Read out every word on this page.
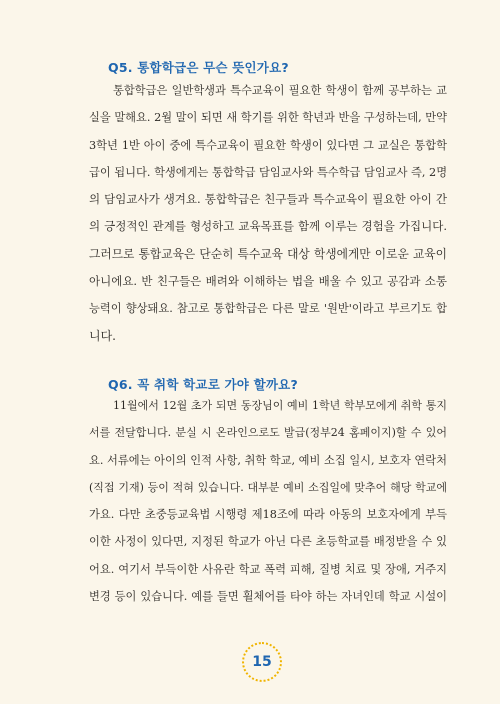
Q5. 통합학급은 무슨 뜻인가요?
통합학급은 일반학생과 특수교육이 필요한 학생이 함께 공부하는 교
실을 말해요. 2월 말이 되면 새 학기를 위한 학년과 반을 구성하는데, 만약
3학년 1반 아이 중에 특수교육이 필요한 학생이 있다면 그 교실은 통합학
급이 됩니다. 학생에게는 통합학급 담임교사와 특수학급 담임교사 즉, 2명
의 담임교사가 생겨요. 통합학급은 친구들과 특수교육이 필요한 아이 간
의 긍정적인 관계를 형성하고 교육목표를 함께 이루는 경험을 가집니다.
그러므로 통합교육은 단순히 특수교육 대상 학생에게만 이로운 교육이
아니에요. 반 친구들은 배려와 이해하는 법을 배울 수 있고 공감과 소통
능력이 향상돼요. 참고로 통합학급은 다른 말로 '원반'이라고 부르기도 합
니다.
Q6. 꼭 취학 학교로 가야 할까요?
11월에서 12월 초가 되면 동장님이 예비 1학년 학부모에게 취학 통지
서를 전달합니다. 분실 시 온라인으로도 발급(정부24 홈페이지)할 수 있어
요. 서류에는 아이의 인적 사항, 취학 학교, 예비 소집 일시, 보호자 연락처
(직접 기재) 등이 적혀 있습니다. 대부분 예비 소집일에 맞추어 해당 학교에
가요. 다만 초중등교육법 시행령 제18조에 따라 아동의 보호자에게 부득
이한 사정이 있다면, 지정된 학교가 아닌 다른 초등학교를 배정받을 수 있
어요. 여기서 부득이한 사유란 학교 폭력 피해, 질병 치료 및 장애, 거주지
변경 등이 있습니다. 예를 들면 휠체어를 타야 하는 자녀인데 학교 시설이
15
